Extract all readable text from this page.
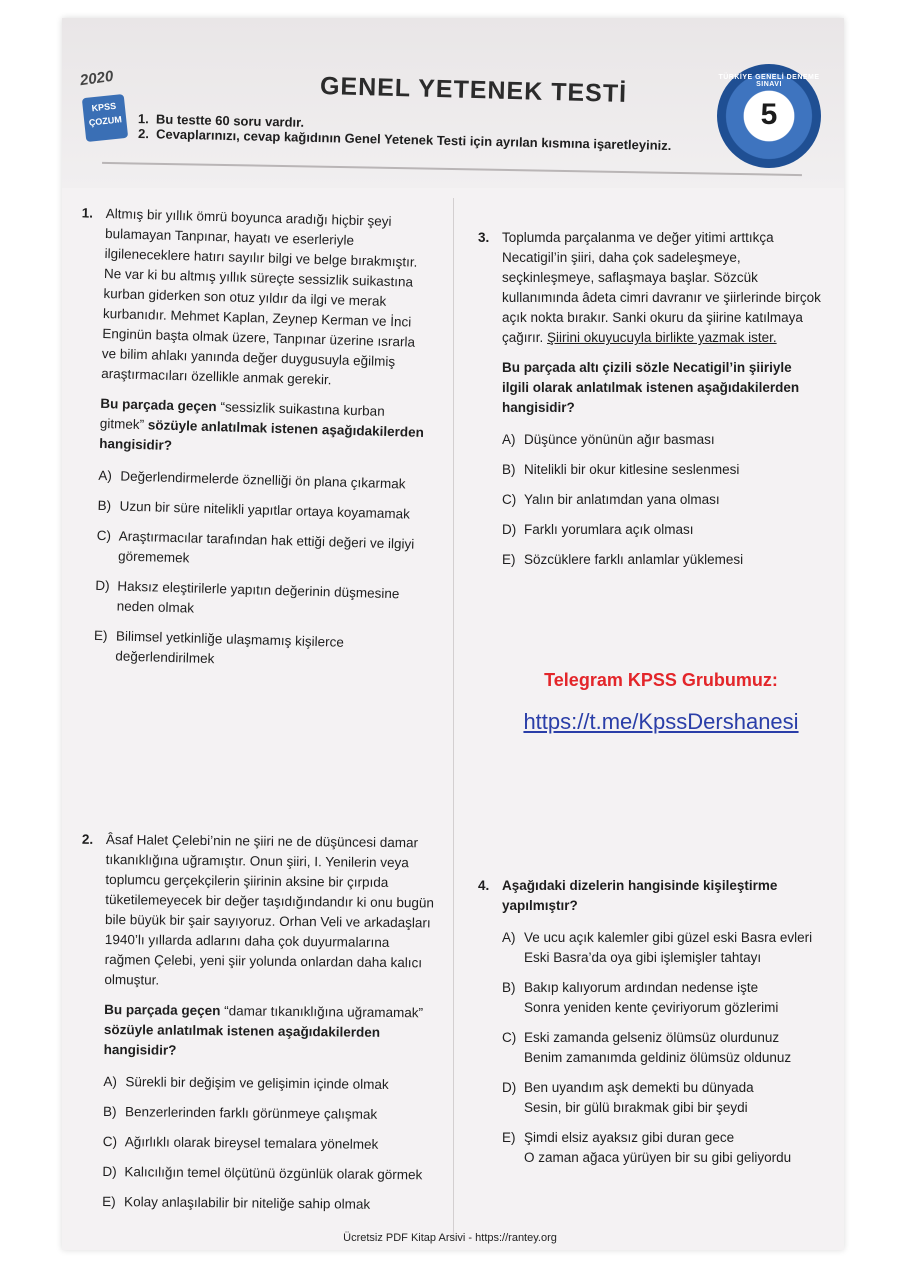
2020
KPSS
ÇOZUM
GENEL YETENEK TESTİ
1. Bu testte 60 soru vardır.
2. Cevaplarınızı, cevap kağıdının Genel Yetenek Testi için ayrılan kısmına işaretleyiniz.
TÜRKİYE GENELİ DENEME SINAVI
5
1. Altmış bir yıllık ömrü boyunca aradığı hiçbir şeyi bulamayan Tanpınar, hayatı ve eserleriyle ilgileneceklere hatırı sayılır bilgi ve belge bırakmıştır. Ne var ki bu altmış yıllık süreçte sessizlik suikastına kurban giderken son otuz yıldır da ilgi ve merak kurbanıdır. Mehmet Kaplan, Zeynep Kerman ve İnci Enginün başta olmak üzere, Tanpınar üzerine ısrarla ve bilim ahlakı yanında değer duygusuyla eğilmiş araştırmacıları özellikle anmak gerekir.

Bu parçada geçen “sessizlik suikastına kurban gitmek” sözüyle anlatılmak istenen aşağıdakilerden hangisidir?

A) Değerlendirmelerde öznelliği ön plana çıkarmak
B) Uzun bir süre nitelikli yapıtlar ortaya koyamamak
C) Araştırmacılar tarafından hak ettiği değeri ve ilgiyi görememek
D) Haksız eleştirilerle yapıtın değerinin düşmesine neden olmak
E) Bilimsel yetkinliğe ulaşmamış kişilerce değerlendirilmek
2. Âsaf Halet Çelebi’nin ne şiiri ne de düşüncesi damar tıkanıklığına uğramıştır. Onun şiiri, I. Yenilerin veya toplumcu gerçekçilerin şiirinin aksine bir çırpıda tüketilemeyecek bir değer taşıdığındandır ki onu bugün bile büyük bir şair sayıyoruz. Orhan Veli ve arkadaşları 1940’lı yıllarda adlarını daha çok duyurmalarına rağmen Çelebi, yeni şiir yolunda onlardan daha kalıcı olmuştur.

Bu parçada geçen “damar tıkanıklığına uğramamak” sözüyle anlatılmak istenen aşağıdakilerden hangisidir?

A) Sürekli bir değişim ve gelişimin içinde olmak
B) Benzerlerinden farklı görünmeye çalışmak
C) Ağırlıklı olarak bireysel temalara yönelmek
D) Kalıcılığın temel ölçütünü özgünlük olarak görmek
E) Kolay anlaşılabilir bir niteliğe sahip olmak
3. Toplumda parçalanma ve değer yitimi arttıkça Necatigil’in şiiri, daha çok sadeleşmeye, seçkinleşmeye, saflaşmaya başlar. Sözcük kullanımında âdeta cimri davranır ve şiirlerinde birçok açık nokta bırakır. Sanki okuru da şiirine katılmaya çağırır. Şiirini okuyucuyla birlikte yazmak ister.

Bu parçada altı çizili sözle Necatigil’in şiiriyle ilgili olarak anlatılmak istenen aşağıdakilerden hangisidir?

A) Düşünce yönünün ağır basması
B) Nitelikli bir okur kitlesine seslenmesi
C) Yalın bir anlatımdan yana olması
D) Farklı yorumlara açık olması
E) Sözcüklere farklı anlamlar yüklemesi
Telegram KPSS Grubumuz:
https://t.me/KpssDershanesi
4. Aşağıdaki dizelerin hangisinde kişileştirme yapılmıştır?

A) Ve ucu açık kalemler gibi güzel eski Basra evleri
Eski Basra’da oya gibi işlemişler tahtayı
B) Bakıp kalıyorum ardından nedense işte
Sonra yeniden kente çeviriyorum gözlerimi
C) Eski zamanda gelseniz ölümsüz olurdunuz
Benim zamanımda geldiniz ölümsüz oldunuz
D) Ben uyandım aşk demekti bu dünyada
Sesin, bir gülü bırakmak gibi bir şeydi
E) Şimdi elsiz ayaksız gibi duran gece
O zaman ağaca yürüyen bir su gibi geliyordu
Ücretsiz PDF Kitap Arsivi - https://rantey.org
